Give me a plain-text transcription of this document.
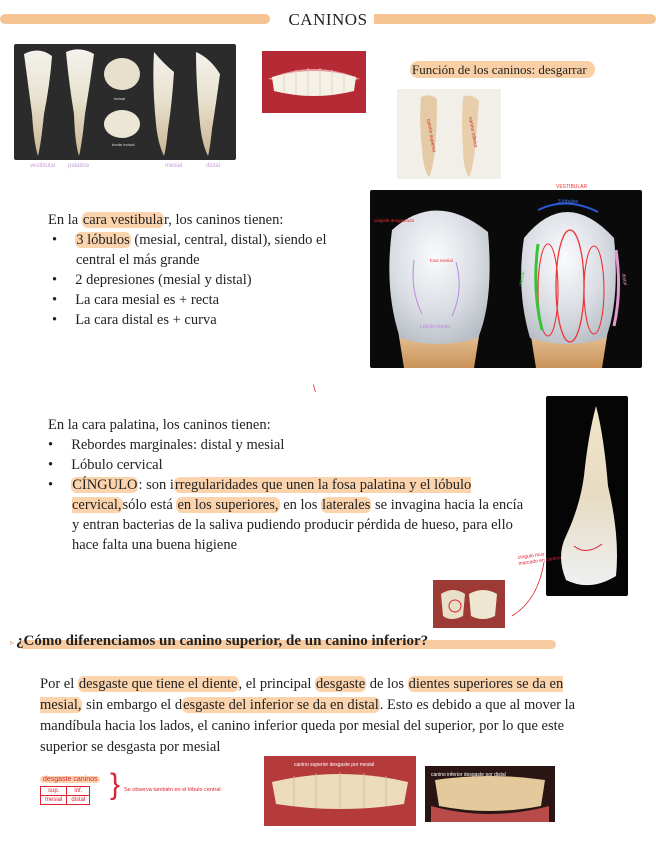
CANINOS
incisal
borde incisal
vestibular palatina	mesial	distal
Función de los caninos: desgarrar
canino superior	canino inferior
En la cara vestibular, los caninos tienen:
•     3 lóbulos (mesial, central, distal), siendo el central el más grande
•     2 depresiones (mesial y distal)
•     La cara mesial es + recta
•     La cara distal es + curva
VESTIBULAR
3 lóbulos
mesial	distal
cúspide desgastada
fosa mesial
Lóbulo medio
\
En la cara palatina, los caninos tienen:
•     Rebordes marginales: distal y mesial
•     Lóbulo cervical
•     CÍNGULO: son irregularidades que unen la fosa palatina y el lóbulo cervical,sólo está en los superiores, en los laterales se invagina hacia la encía y entran bacterias de la saliva pudiendo producir pérdida de hueso, para ello hace falta una buena higiene
cíngulo muy marcado en canino
▹ ¿Cómo diferenciamos un canino superior, de un canino inferior?
Por el desgaste que tiene el diente, el principal desgaste de los dientes superiores se da en mesial, sin embargo el desgaste del inferior se da en distal. Esto es debido a que al mover la mandíbula hacia los lados, el canino inferior queda por mesial del superior, por lo que este superior se desgasta por mesial
desgaste caninos
sup.	inf.
mesial	distal } Se observa también en el lóbulo central
canino superior desgaste por mesial
canino inferior desgaste por distal
